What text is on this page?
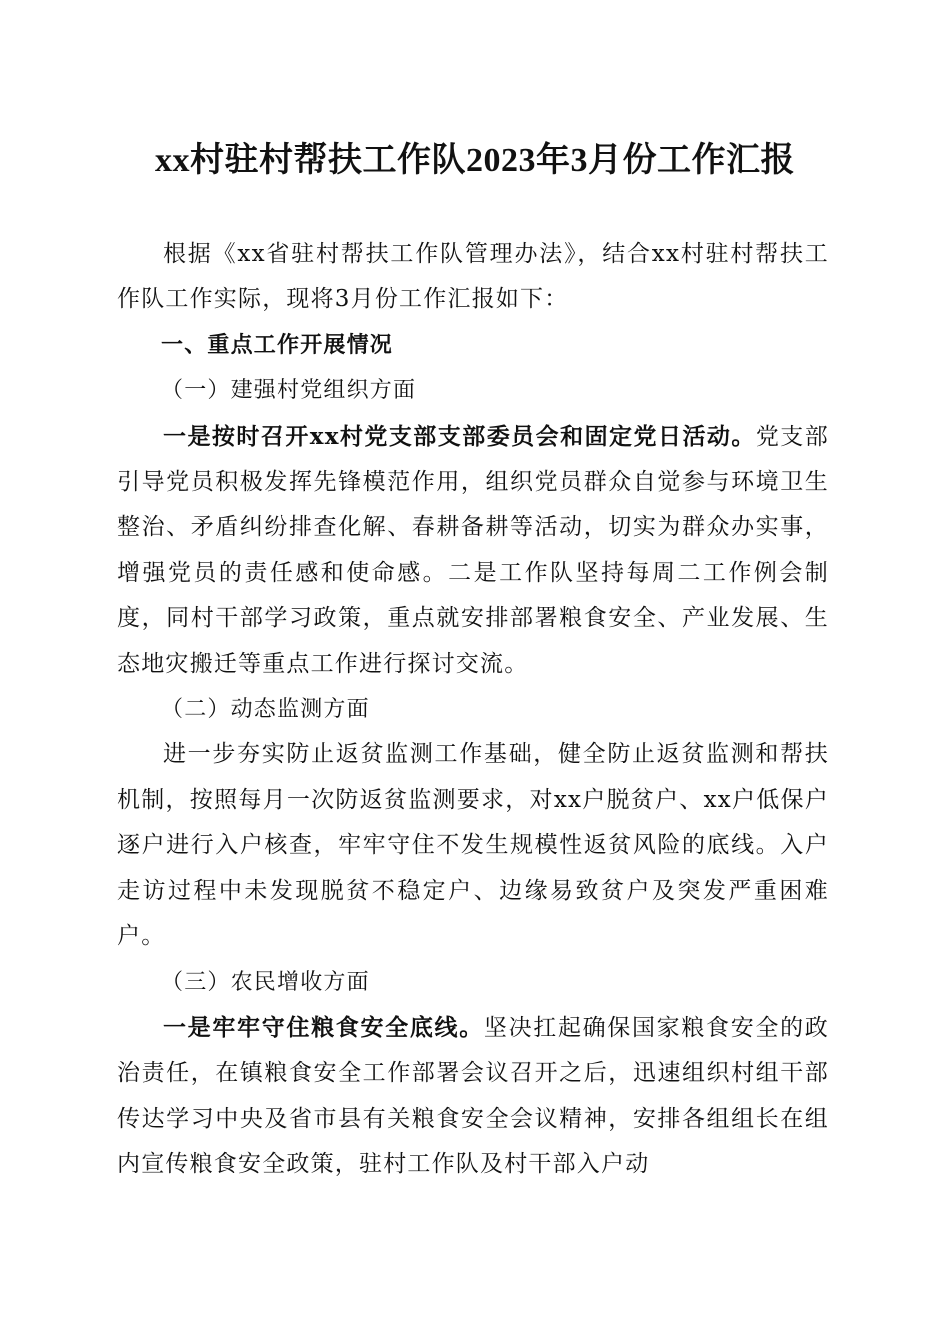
xx村驻村帮扶工作队2023年3月份工作汇报

根据《xx省驻村帮扶工作队管理办法》，结合xx村驻村帮扶工作队工作实际，现将3月份工作汇报如下：

一、重点工作开展情况

（一）建强村党组织方面

一是按时召开xx村党支部支部委员会和固定党日活动。党支部引导党员积极发挥先锋模范作用，组织党员群众自觉参与环境卫生整治、矛盾纠纷排查化解、春耕备耕等活动，切实为群众办实事，增强党员的责任感和使命感。二是工作队坚持每周二工作例会制度，同村干部学习政策，重点就安排部署粮食安全、产业发展、生态地灾搬迁等重点工作进行探讨交流。

（二）动态监测方面

进一步夯实防止返贫监测工作基础，健全防止返贫监测和帮扶机制，按照每月一次防返贫监测要求，对xx户脱贫户、xx户低保户逐户进行入户核查，牢牢守住不发生规模性返贫风险的底线。入户走访过程中未发现脱贫不稳定户、边缘易致贫户及突发严重困难户。

（三）农民增收方面

一是牢牢守住粮食安全底线。坚决扛起确保国家粮食安全的政治责任，在镇粮食安全工作部署会议召开之后，迅速组织村组干部传达学习中央及省市县有关粮食安全会议精神，安排各组组长在组内宣传粮食安全政策，驻村工作队及村干部入户动
